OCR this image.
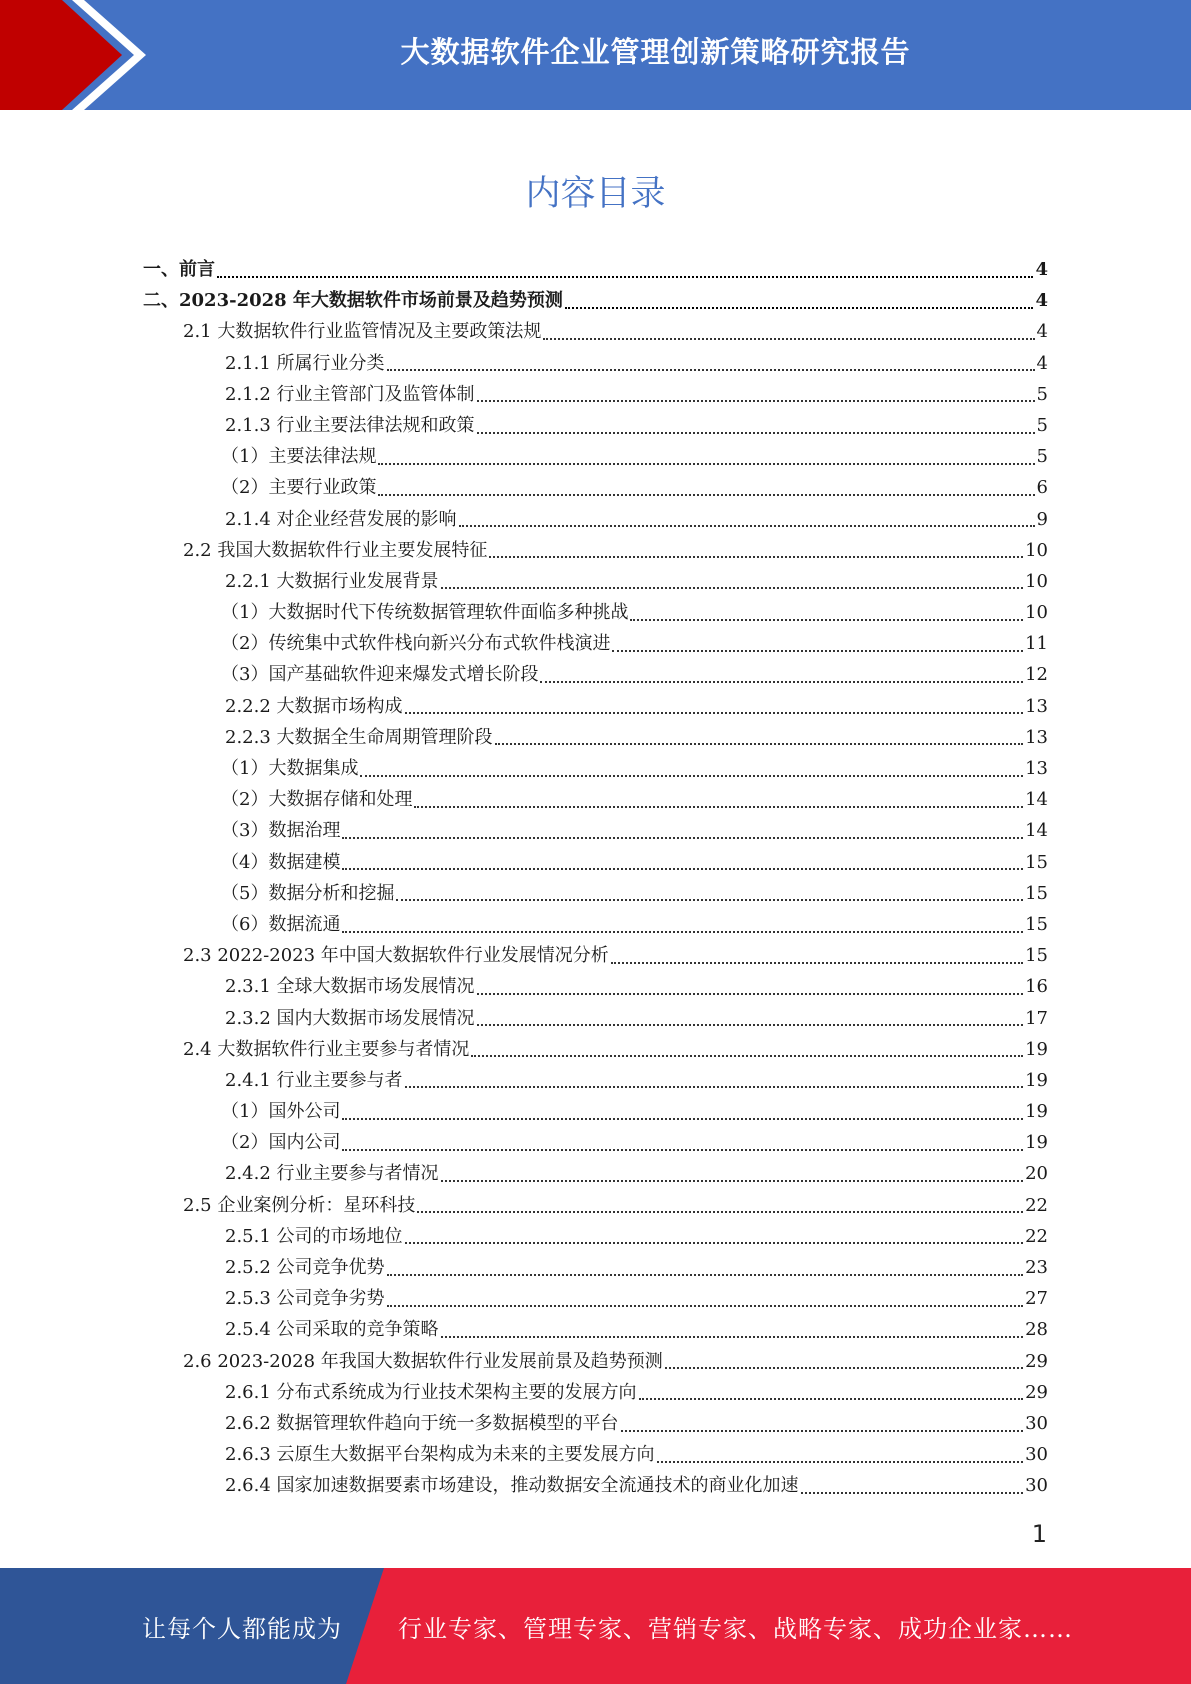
大数据软件企业管理创新策略研究报告
内容目录
一、前言	4
二、2023-2028 年大数据软件市场前景及趋势预测	4
2.1 大数据软件行业监管情况及主要政策法规	4
2.1.1 所属行业分类	4
2.1.2 行业主管部门及监管体制	5
2.1.3 行业主要法律法规和政策	5
（1）主要法律法规	5
（2）主要行业政策	6
2.1.4 对企业经营发展的影响	9
2.2 我国大数据软件行业主要发展特征	10
2.2.1 大数据行业发展背景	10
（1）大数据时代下传统数据管理软件面临多种挑战	10
（2）传统集中式软件栈向新兴分布式软件栈演进	11
（3）国产基础软件迎来爆发式增长阶段	12
2.2.2 大数据市场构成	13
2.2.3 大数据全生命周期管理阶段	13
（1）大数据集成	13
（2）大数据存储和处理	14
（3）数据治理	14
（4）数据建模	15
（5）数据分析和挖掘	15
（6）数据流通	15
2.3 2022-2023 年中国大数据软件行业发展情况分析	15
2.3.1 全球大数据市场发展情况	16
2.3.2 国内大数据市场发展情况	17
2.4 大数据软件行业主要参与者情况	19
2.4.1 行业主要参与者	19
（1）国外公司	19
（2）国内公司	19
2.4.2 行业主要参与者情况	20
2.5 企业案例分析：星环科技	22
2.5.1 公司的市场地位	22
2.5.2 公司竞争优势	23
2.5.3 公司竞争劣势	27
2.5.4 公司采取的竞争策略	28
2.6 2023-2028 年我国大数据软件行业发展前景及趋势预测	29
2.6.1 分布式系统成为行业技术架构主要的发展方向	29
2.6.2 数据管理软件趋向于统一多数据模型的平台	30
2.6.3 云原生大数据平台架构成为未来的主要发展方向	30
2.6.4 国家加速数据要素市场建设，推动数据安全流通技术的商业化加速	30
1
让每个人都能成为 行业专家、管理专家、营销专家、战略专家、成功企业家……
